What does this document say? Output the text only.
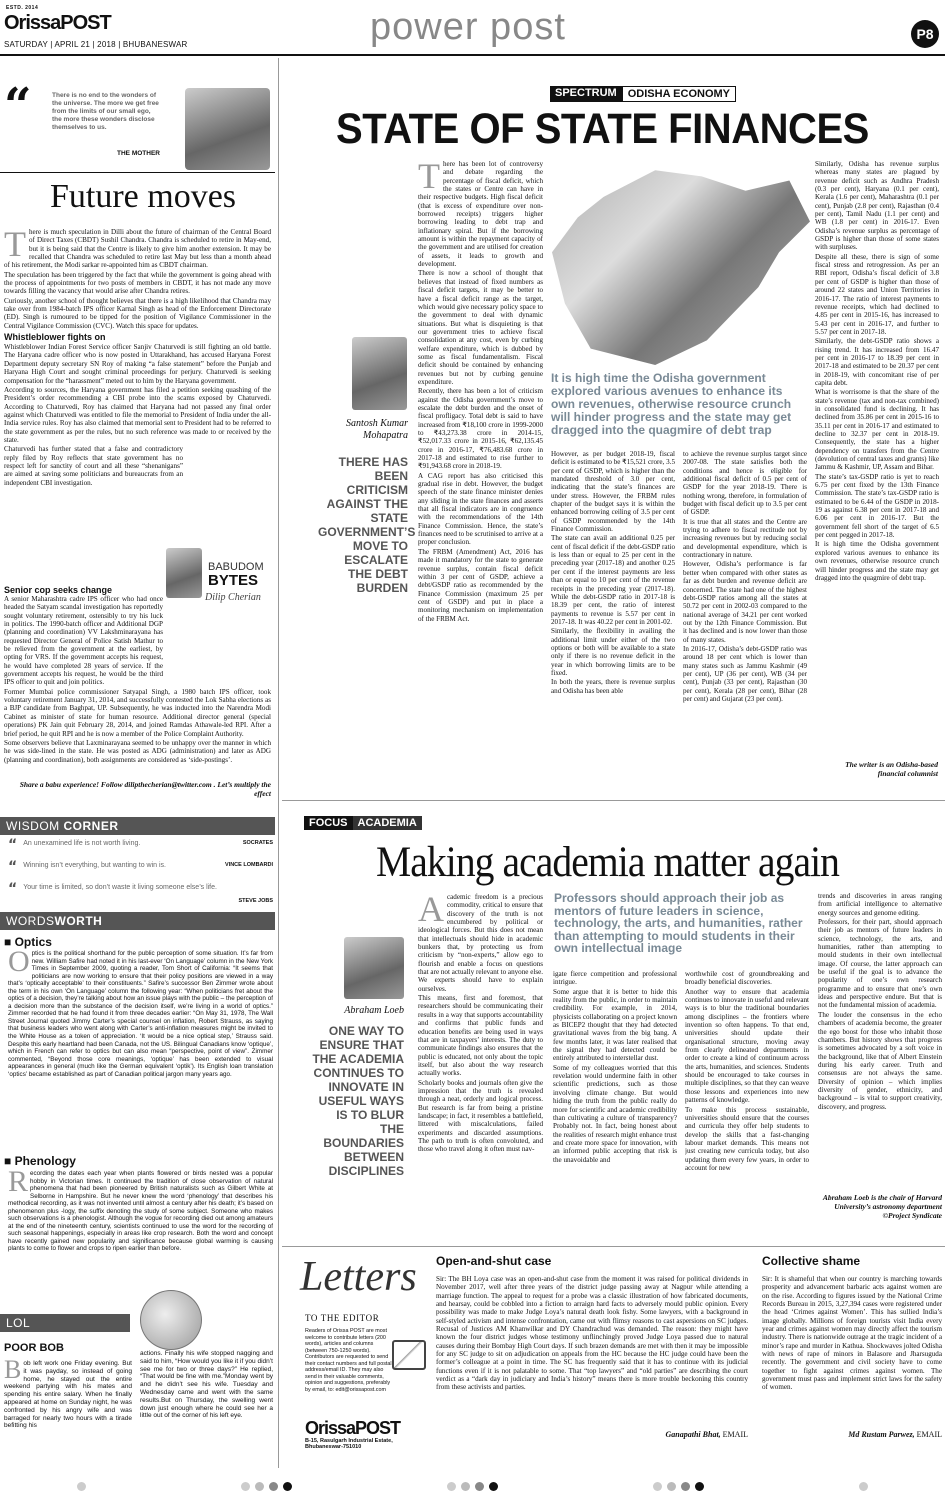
ESTD. 2014
OrissaPOST
SATURDAY | APRIL 21 | 2018 | BHUBANESWAR	power post	P8
“	There is no end to the wonders of the universe. The more we get free from the limits of our small ego, the more these wonders disclose themselves to us.
THE MOTHER
Future moves
T here is much speculation in Dilli about the future of chairman of the Central Board of Direct Taxes (CBDT) Sushil Chandra. Chandra is scheduled to retire in May-end, but it is being said that the Centre is likely to give him another extension. It may be recalled that Chandra was scheduled to retire last May but less than a month ahead of his retirement, the Modi sarkar re-appointed him as CBDT chairman.

The speculation has been triggered by the fact that while the government is going ahead with the process of appointments for two posts of members in CBDT, it has not made any move towards filling the vacancy that would arise after Chandra retires.

Curiously, another school of thought believes that there is a high likelihood that Chandra may take over from 1984-batch IPS officer Karnal Singh as head of the Enforcement Directorate (ED). Singh is rumoured to be tipped for the position of Vigilance Commissioner in the Central Vigilance Commission (CVC). Watch this space for updates.

Whistleblower fights on

Whistleblower Indian Forest Service officer Sanjiv Chaturvedi is still fighting an old battle. The Haryana cadre officer who is now posted in Uttarakhand, has accused Haryana Forest Department deputy secretary SN Roy of making “a false statement” before the Punjab and Haryana High Court and sought criminal proceedings for perjury. Chaturvedi is seeking compensation for the “harassment” meted out to him by the Haryana government.

According to sources, the Haryana government has filed a petition seeking quashing of the President’s order recommending a CBI probe into the scams exposed by Chaturvedi. According to Chaturvedi, Roy has claimed that Haryana had not passed any final order against which Chaturvedi was entitled to file the memorial to President of India under the all-India service rules. Roy has also claimed that memorial sent to President had to be referred to the state government as per the rules, but no such reference was made to or received by the state.

Chaturvedi has further stated that a false and contradictory reply filed by Roy reflects that state government has no respect left for sanctity of court and all these “shenanigans” are aimed at saving some politicians and bureaucrats from an independent CBI investigation.

BABUDOM
BYTES
Dilip Cherian
Senior cop seeks change

A senior Maharashtra cadre IPS officer who had once headed the Satyam scandal investigation has reportedly sought voluntary retirement, ostensibly to try his luck in politics. The 1990-batch officer and Additional DGP (planning and coordination) VV Lakshminarayana has requested Director General of Police Satish Mathur to be relieved from the government at the earliest, by opting for VRS. If the government accepts his request, he would have completed 28 years of service. If the government accepts his request, he would be the third IPS officer to quit and join politics.

Former Mumbai police commissioner Satyapal Singh, a 1980 batch IPS officer, took voluntary retirement January 31, 2014, and successfully contested the Lok Sabha elections as a BJP candidate from Baghpat, UP. Subsequently, he was inducted into the Narendra Modi Cabinet as minister of state for human resource. Additional director general (special operations) PK Jain quit February 28, 2014, and joined Ramdas Athawale-led RPI. After a brief period, he quit RPI and he is now a member of the Police Complaint Authority.

Some observers believe that Laxminarayana seemed to be unhappy over the manner in which he was side-lined in the state. He was posted as ADG (administration) and later as ADG (planning and coordination), both assignments are considered as ‘side-postings’.

Share a babu experience! Follow dilipthecherian@twitter.com . Let’s multiply the effect
WISDOM CORNER
“ An unexamined life is not worth living.	SOCRATES
“ Winning isn’t everything, but wanting to win is.	VINCE LOMBARDI
“ Your time is limited, so don’t waste it living someone else’s life.
STEVE JOBS
WORDSWORTH
■ Optics
Optics is the political shorthand for the public perception of some situation. It’s far from new. William Safire had noted it in his last-ever ‘On Language’ column in the New York Times in September 2009, quoting a reader, Tom Short of California: “It seems that politicians are now working to ensure that their policy positions are viewed in a way that’s ‘optically acceptable’ to their constituents.” Safire’s successor Ben Zimmer wrote about the term in his own ‘On Language’ column the following year: “When politicians fret about the optics of a decision, they’re talking about how an issue plays with the public – the perception of a decision more than the substance of the decision itself, we’re living in a world of optics.” Zimmer recorded that he had found it from three decades earlier: “On May 31, 1978, The Wall Street Journal quoted Jimmy Carter’s special counsel on inflation, Robert Strauss, as saying that business leaders who went along with Carter’s anti-inflation measures might be invited to the White House as a token of appreciation. ‘It would be a nice optical step,’ Strauss said. Despite this early heartland had been Canada, not the US. Bilingual Canadians know ‘optique’, which in French can refer to optics but can also mean “perspective, point of view”. Zimmer commented, “Beyond those core meanings, ‘optique’ has been extended to visual appearances in general (much like the German equivalent ‘optik’). Its English loan translation ‘optics’ became established as part of Canadian political jargon many years ago.
■ Phenology
Recording the dates each year when plants flowered or birds nested was a popular hobby in Victorian times. It continued the tradition of close observation of natural phenomena that had been pioneered by British naturalists such as Gilbert White at Selborne in Hampshire. But he never knew the word ‘phenology’ that describes his methodical recording, as it was not invented until almost a century after his death; it’s based on phenomenon plus -logy, the suffix denoting the study of some subject. Someone who makes such observations is a phenologist. Although the vogue for recording died out among amateurs at the end of the nineteenth century, scientists continued to use the word for the recording of such seasonal happenings, especially in areas like crop research. Both the word and concept have recently gained new popularity and significance because global warming is causing plants to come to flower and crops to ripen earlier than before.
LOL
POOR BOB
Bob left work one Friday evening. But it was payday, so instead of going home, he stayed out the entire weekend partying with his mates and spending his entire salary. When he finally appeared at home on Sunday night, he was confronted by his angry wife and was barraged for nearly two hours with a tirade befitting his
actions. Finally his wife stopped nagging and said to him, “How would you like it if you didn’t see me for two or three days?” He replied, “That would be fine with me.”Monday went by and he didn’t see his wife. Tuesday and Wednesday came and went with the same results.But on Thursday, the swelling went down just enough where he could see her a little out of the corner of his left eye.
SPECTRUM	ODISHA ECONOMY
STATE OF STATE FINANCES
Santosh Kumar Mohapatra
THERE HAS BEEN CRITICISM AGAINST THE STATE GOVERNMENT’S MOVE TO ESCALATE THE DEBT BURDEN
T here has been lot of controversy and debate regarding the percentage of fiscal deficit, which the states or Centre can have in their respective budgets. High fiscal deficit (that is excess of expenditure over non-borrowed receipts) triggers higher borrowing leading to debt trap and inflationary spiral. But if the borrowing amount is within the repayment capacity of the government and are utilised for creation of assets, it leads to growth and development.

There is now a school of thought that believes that instead of fixed numbers as fiscal deficit targets, it may be better to have a fiscal deficit range as the target, which would give necessary policy space to the government to deal with dynamic situations. But what is disquieting is that our government tries to achieve fiscal consolidation at any cost, even by curbing welfare expenditure, which is dubbed by some as fiscal fundamentalism. Fiscal deficit should be contained by enhancing revenues but not by curbing genuine expenditure.

Recently, there has been a lot of criticism against the Odisha government’s move to escalate the debt burden and the onset of fiscal profligacy. Total debt is said to have increased from ₹18,100 crore in 1999-2000 to ₹43,273.38 crore in 2014-15, ₹52,017.33 crore in 2015-16, ₹62,135.45 crore in 2016-17, ₹76,483.68 crore in 2017-18 and estimated to rise further to ₹91,943.68 crore in 2018-19.

A CAG report has also criticised this gradual rise in debt. However, the budget speech of the state finance minister denies any sliding in the state finances and asserts that all fiscal indicators are in congruence with the recommendations of the 14th Finance Commission. Hence, the state’s finances need to be scrutinised to arrive at a proper conclusion.

The FRBM (Amendment) Act, 2016 has made it mandatory for the state to generate revenue surplus, contain fiscal deficit within 3 per cent of GSDP, achieve a debt/GSDP ratio as recommended by the Finance Commission (maximum 25 per cent of GSDP) and put in place a monitoring mechanism on implementation of the FRBM Act.

It is high time the Odisha government explored various avenues to enhance its own revenues, otherwise resource crunch will hinder progress and the state may get dragged into the quagmire of debt trap

However, as per budget 2018-19, fiscal deficit is estimated to be ₹15,521 crore, 3.5 per cent of GSDP, which is higher than the mandated threshold of 3.0 per cent, indicating that the state’s finances are under stress. However, the FRBM rules chapter of the budget says it is within the enhanced borrowing ceiling of 3.5 per cent of GSDP recommended by the 14th Finance Commission.

The state can avail an additional 0.25 per cent of fiscal deficit if the debt-GSDP ratio is less than or equal to 25 per cent in the preceding year (2017-18) and another 0.25 per cent if the interest payments are less than or equal to 10 per cent of the revenue receipts in the preceding year (2017-18). While the debt-GSDP ratio in 2017-18 is 18.39 per cent, the ratio of interest payments to revenue is 5.57 per cent in 2017-18. It was 40.22 per cent in 2001-02.

Similarly, the flexibility in availing the additional limit under either of the two options or both will be available to a state only if there is no revenue deficit in the year in which borrowing limits are to be fixed.

In both the years, there is revenue surplus and Odisha has been able

to achieve the revenue surplus target since 2007-08. The state satisfies both the conditions and hence is eligible for additional fiscal deficit of 0.5 per cent of GSDP for the year 2018-19. There is nothing wrong, therefore, in formulation of budget with fiscal deficit up to 3.5 per cent of GSDP.

It is true that all states and the Centre are trying to adhere to fiscal rectitude not by increasing revenues but by reducing social and developmental expenditure, which is contractionary in nature.

However, Odisha’s performance is far better when compared with other states as far as debt burden and revenue deficit are concerned. The state had one of the highest debt-GSDP ratios among all the states at 50.72 per cent in 2002-03 compared to the national average of 34.21 per cent worked out by the 12th Finance Commission. But it has declined and is now lower than those of many states.

In 2016-17, Odisha’s debt-GSDP ratio was around 18 per cent which is lower than many states such as Jammu Kashmir (49 per cent), UP (36 per cent), WB (34 per cent), Punjab (33 per cent), Rajasthan (30 per cent), Kerala (28 per cent), Bihar (28 per cent) and Gujarat (23 per cent).

Similarly, Odisha has revenue surplus whereas many states are plagued by revenue deficit such as Andhra Pradesh (0.3 per cent), Haryana (0.1 per cent), Kerala (1.6 per cent), Maharashtra (0.1 per cent), Punjab (2.8 per cent), Rajasthan (0.4 per cent), Tamil Nadu (1.1 per cent) and WB (1.8 per cent) in 2016-17. Even Odisha’s revenue surplus as percentage of GSDP is higher than those of some states with surpluses.

Despite all these, there is sign of some fiscal stress and retrogression. As per an RBI report, Odisha’s fiscal deficit of 3.8 per cent of GSDP is higher than those of around 22 states and Union Territories in 2016-17. The ratio of interest payments to revenue receipts, which had declined to 4.85 per cent in 2015-16, has increased to 5.43 per cent in 2016-17, and further to 5.57 per cent in 2017-18.

Similarly, the debt-GSDP ratio shows a rising trend. It has increased from 16.47 per cent in 2016-17 to 18.39 per cent in 2017-18 and estimated to be 20.37 per cent in 2018-19, with concomitant rise of per capita debt.

What is worrisome is that the share of the state’s revenue (tax and non-tax combined) in consolidated fund is declining. It has declined from 35.86 per cent in 2015-16 to 35.11 per cent in 2016-17 and estimated to decline to 32.37 per cent in 2018-19. Consequently, the state has a higher dependency on transfers from the Centre (devolution of central taxes and grants) like Jammu & Kashmir, UP, Assam and Bihar.

The state’s tax-GSDP ratio is yet to reach 6.75 per cent fixed by the 13th Finance Commission. The state’s tax-GSDP ratio is estimated to be 6.44 of the GSDP in 2018-19 as against 6.38 per cent in 2017-18 and 6.06 per cent in 2016-17. But the government fell short of the target of 6.5 per cent pegged in 2017-18.

It is high time the Odisha government explored various avenues to enhance its own revenues, otherwise resource crunch will hinder progress and the state may get dragged into the quagmire of debt trap.

The writer is an Odisha-based financial columnist
FOCUS ACADEMIA
Making academia matter again
Abraham Loeb
ONE WAY TO ENSURE THAT THE ACADEMIA CONTINUES TO INNOVATE IN USEFUL WAYS IS TO BLUR THE BOUNDARIES BETWEEN DISCIPLINES
A cademic freedom is a precious commodity, critical to ensure that discovery of the truth is not encumbered by political or ideological forces. But this does not mean that intellectuals should hide in academic bunkers that, by protecting us from criticism by “non-experts,” allow ego to flourish and enable a focus on questions that are not actually relevant to anyone else. We experts should have to explain ourselves.

This means, first and foremost, that researchers should be communicating their results in a way that supports accountability and confirms that public funds and education benefits are being used in ways that are in taxpayers’ interests. The duty to communicate findings also ensures that the public is educated, not only about the topic itself, but also about the way research actually works.

Scholarly books and journals often give the impression that the truth is revealed through a neat, orderly and logical process. But research is far from being a pristine landscape; in fact, it resembles a battlefield, littered with miscalculations, failed experiments and discarded assumptions. The path to truth is often convoluted, and those who travel along it often must nav-

Professors should approach their job as mentors of future leaders in science, technology, the arts, and humanities, rather than attempting to mould students in their own intellectual image

igate fierce competition and professional intrigue.

Some argue that it is better to hide this reality from the public, in order to maintain credibility. For example, in 2014, physicists collaborating on a project known as BICEP2 thought that they had detected gravitational waves from the big bang. A few months later, it was later realised that the signal they had detected could be entirely attributed to interstellar dust.

Some of my colleagues worried that this revelation would undermine faith in other scientific predictions, such as those involving climate change. But would hiding the truth from the public really do more for scientific and academic credibility than cultivating a culture of transparency? Probably not. In fact, being honest about the realities of research might enhance trust and create more space for innovation, with an informed public accepting that risk is the unavoidable and

worthwhile cost of groundbreaking and broadly beneficial discoveries.

Another way to ensure that academia continues to innovate in useful and relevant ways is to blur the traditional boundaries among disciplines – the frontiers where invention so often happens. To that end, universities should update their organisational structure, moving away from clearly delineated departments in order to create a kind of continuum across the arts, humanities, and sciences. Students should be encouraged to take courses in multiple disciplines, so that they can weave those lessons and experiences into new patterns of knowledge.

To make this process sustainable, universities should ensure that the courses and curricula they offer help students to develop the skills that a fast-changing labour market demands. This means not just creating new curricula today, but also updating them every few years, in order to account for new

trends and discoveries in areas ranging from artificial intelligence to alternative energy sources and genome editing.

Professors, for their part, should approach their job as mentors of future leaders in science, technology, the arts, and humanities, rather than attempting to mould students in their own intellectual image. Of course, the latter approach can be useful if the goal is to advance the popularity of one’s own research programme and to ensure that one’s own ideas and perspective endure. But that is not the fundamental mission of academia.

The louder the consensus in the echo chambers of academia become, the greater the ego boost for those who inhabit those chambers. But history shows that progress is sometimes advocated by a soft voice in the background, like that of Albert Einstein during his early career. Truth and consensus are not always the same. Diversity of opinion – which implies diversity of gender, ethnicity, and background – is vital to support creativity, discovery, and progress.

Abraham Loeb is the chair of Harvard University’s astronomy department ©Project Syndicate
Letters
TO THE EDITOR
Readers of Orissa POST are most welcome to contribute letters (200 words), articles and columns (between 750-1250 words). Contributors are requested to send their contact numbers and full postal address/email ID. They may also send in their valuable comments, opinion and suggestions, preferably by email, to: edit@orissapost.com
OrissaPOST
B-15, Rasulgarh Industrial Estate, Bhubaneswar-751010
Open-and-shut case
Sir: The BH Loya case was an open-and-shut case from the moment it was raised for political dividends in November 2017, well after three years of the district judge passing away at Nagpur while attending a marriage function. The appeal to request for a probe was a classic illustration of how fabricated documents, and hearsay, could be cobbled into a fiction to arraign hard facts to adversely mould public opinion. Every possibility was made to make Judge Loya’s natural death look fishy. Some lawyers, with a background in self-styled activism and intense confrontation, came out with flimsy reasons to cast aspersions on SC judges. Recusal of Justices AM Khanwilkar and DY Chandrachud was demanded. The reason: they might have known the four district judges whose testimony unflinchingly proved Judge Loya passed due to natural causes during their Bombay High Court days. If such brazen demands are met with then it may be impossible for any SC judge to sit on adjudication on appeals from the HC because the HC judge could have been the former’s colleague at a point in time. The SC has frequently said that it has to continue with its judicial functions even if it is not palatable to some. That “top lawyers” and “old parties” are describing the court verdict as a “dark day in judiciary and India’s history” means there is more trouble beckoning this country from these activists and parties.
Ganapathi Bhat, EMAIL
Collective shame
Sir: It is shameful that when our country is marching towards prosperity and advancement barbaric acts against women are on the rise. According to figures issued by the National Crime Records Bureau in 2015, 3,27,394 cases were registered under the head ‘Crimes against Women’. This has sullied India’s image globally. Millions of foreign tourists visit India every year and crimes against women may directly affect the tourism industry. There is nationwide outrage at the tragic incident of a minor’s rape and murder in Kathua. Shockwaves jolted Odisha with news of rape of minors in Balasore and Jharsuguda recently. The government and civil society have to come together to fight against crimes against women. The government must pass and implement strict laws for the safety of women.
Md Rustam Parwez, EMAIL
